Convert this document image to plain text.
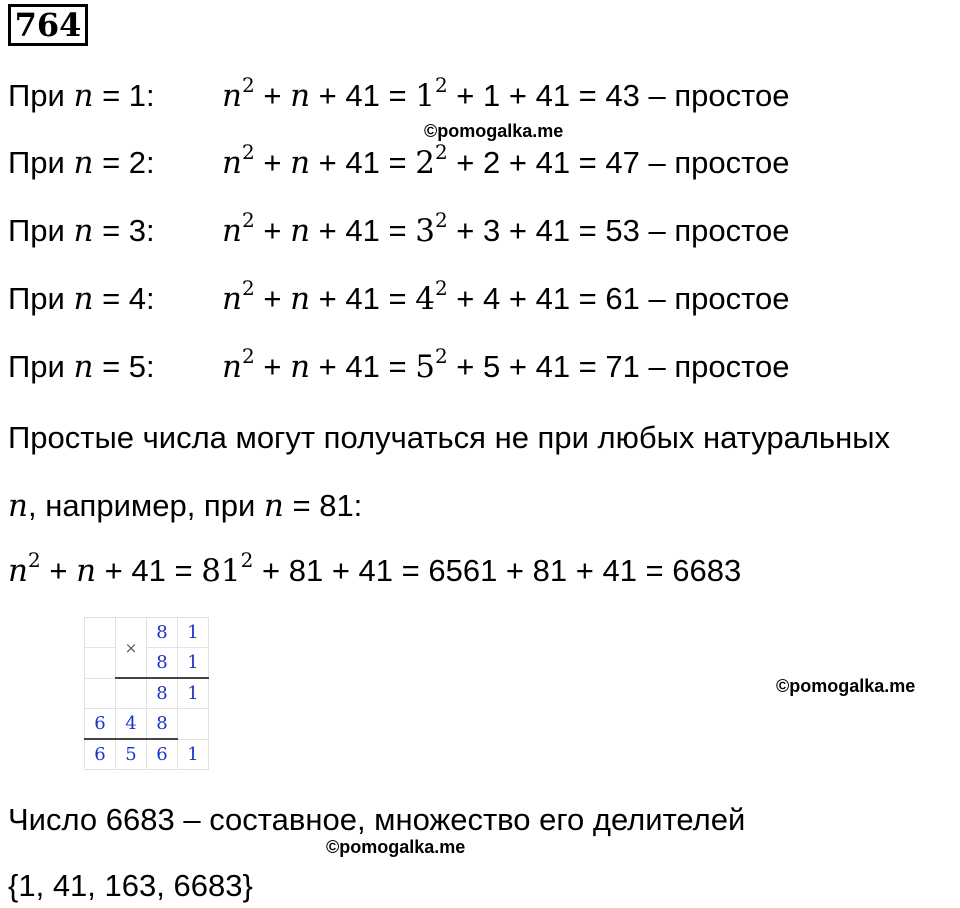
764
При n = 1: $n^2 + n + 41 = 1^2 + 1 + 41 = 43$ – простое
©pomogalka.me
При n = 2: $n^2 + n + 41 = 2^2 + 2 + 41 = 47$ – простое
При n = 3: $n^2 + n + 41 = 3^2 + 3 + 41 = 53$ – простое
При n = 4: $n^2 + n + 41 = 4^2 + 4 + 41 = 61$ – простое
При n = 5: $n^2 + n + 41 = 5^2 + 5 + 41 = 71$ – простое
Простые числа могут получаться не при любых натуральных
n, например, при n = 81:
$n^2 + n + 41 = 81^2 + 81 + 41 = 6561 + 81 + 41 = 6683$
	×	8	1
		8	1
		8	1
6	4	8	
6	5	6	1
©pomogalka.me
Число 6683 – составное, множество его делителей
©pomogalka.me
{1, 41, 163, 6683}
